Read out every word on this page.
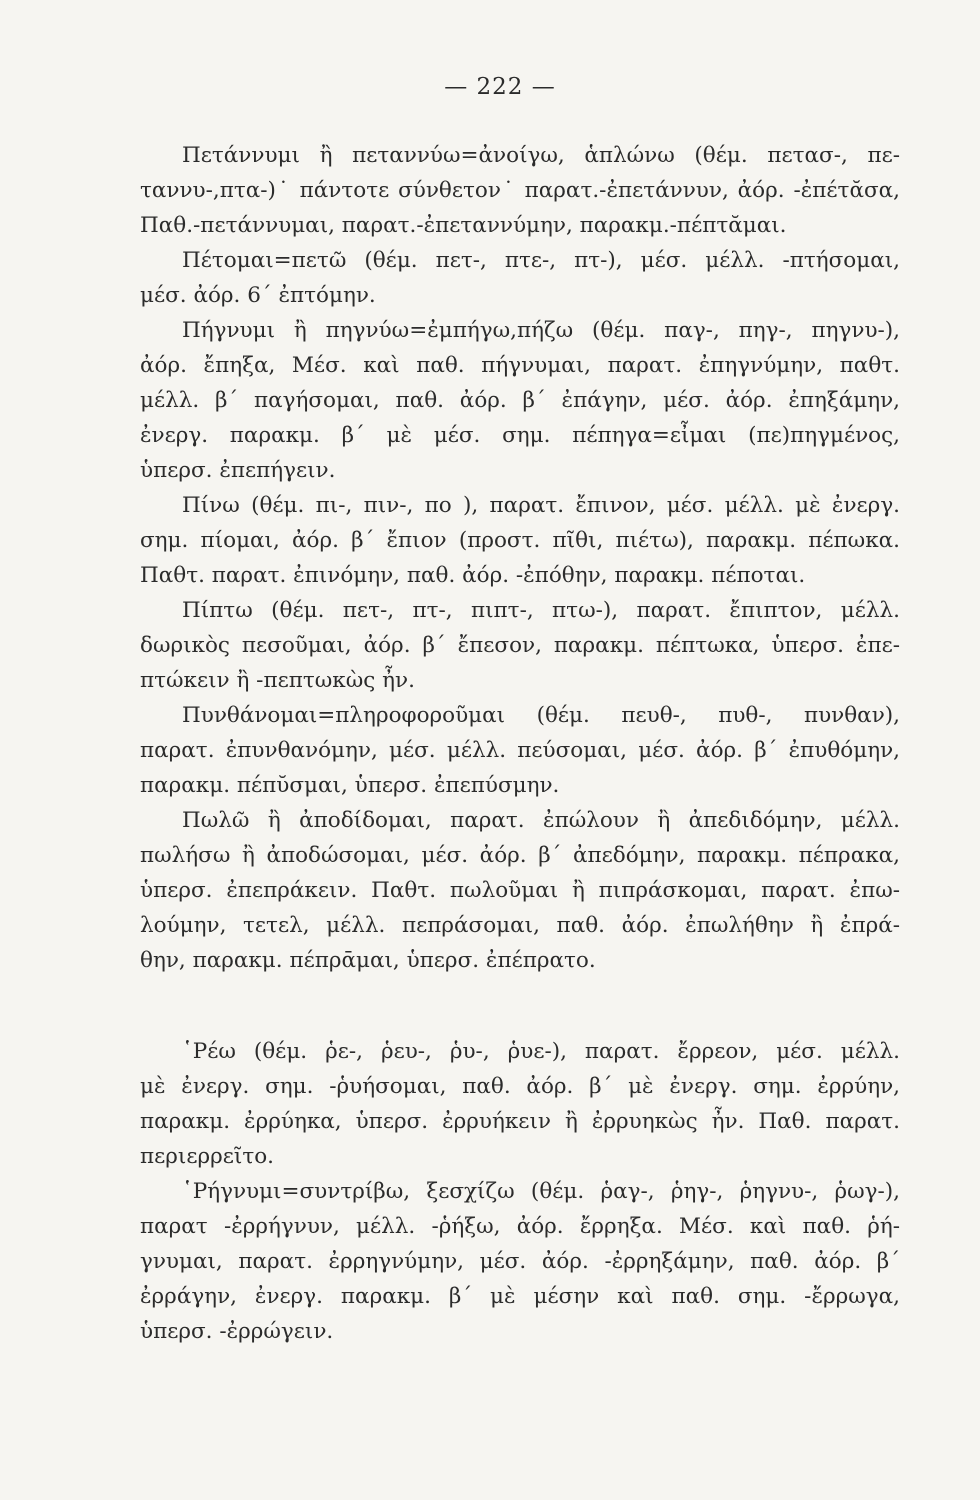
— 222 —
Πετάννυμι ἢ πεταννύω=ἀνοίγω, ἁπλώνω (θέμ. πετασ-, πε-
ταννυ-,πτα-)˙ πάντοτε σύνθετον˙ παρατ.-ἐπετάννυν, ἀόρ. -ἐπέτᾰσα,
Παθ.-πετάννυμαι, παρατ.-ἐπεταννύμην, παρακμ.-πέπτᾰμαι.
Πέτομαι=πετῶ (θέμ. πετ-, πτε-, πτ-), μέσ. μέλλ. -πτήσομαι,
μέσ. ἀόρ. 6΄ ἐπτόμην.
Πήγνυμι ἢ πηγνύω=ἐμπήγω,πήζω (θέμ. παγ-, πηγ-, πηγνυ-),
ἀόρ. ἔπηξα, Μέσ. καὶ παθ. πήγνυμαι, παρατ. ἐπηγνύμην, παθτ.
μέλλ. β΄ παγήσομαι, παθ. ἀόρ. β΄ ἐπάγην, μέσ. ἀόρ. ἐπηξάμην,
ἐνεργ. παρακμ. β΄ μὲ μέσ. σημ. πέπηγα=εἶμαι (πε)πηγμένος,
ὑπερσ. ἐπεπήγειν.
Πίνω (θέμ. πι-, πιν-, πο ), παρατ. ἔπινον, μέσ. μέλλ. μὲ ἐνεργ.
σημ. πίομαι, ἀόρ. β΄ ἔπιον (προστ. πῖθι, πιέτω), παρακμ. πέπωκα.
Παθτ. παρατ. ἐπινόμην, παθ. ἀόρ. -ἐπόθην, παρακμ. πέποται.
Πίπτω (θέμ. πετ-, πτ-, πιπτ-, πτω-), παρατ. ἔπιπτον, μέλλ.
δωρικὸς πεσοῦμαι, ἀόρ. β΄ ἔπεσον, παρακμ. πέπτωκα, ὑπερσ. ἐπε-
πτώκειν ἢ -πεπτωκὼς ἦν.
Πυνθάνομαι=πληροφοροῦμαι (θέμ. πευθ-, πυθ-, πυνθαν),
παρατ. ἐπυνθανόμην, μέσ. μέλλ. πεύσομαι, μέσ. ἀόρ. β΄ ἐπυθόμην,
παρακμ. πέπῠσμαι, ὑπερσ. ἐπεπύσμην.
Πωλῶ ἢ ἀποδίδομαι, παρατ. ἐπώλουν ἢ ἀπεδιδόμην, μέλλ.
πωλήσω ἢ ἀποδώσομαι, μέσ. ἀόρ. β΄ ἀπεδόμην, παρακμ. πέπρακα,
ὑπερσ. ἐπεπράκειν. Παθτ. πωλοῦμαι ἢ πιπράσκομαι, παρατ. ἐπω-
λούμην, τετελ, μέλλ. πεπράσομαι, παθ. ἀόρ. ἐπωλήθην ἢ ἐπρά-
θην, παρακμ. πέπρᾱμαι, ὑπερσ. ἐπέπρατο.
῾Ρέω (θέμ. ῥε-, ῥευ-, ῥυ-, ῥυε-), παρατ. ἔρρεον, μέσ. μέλλ.
μὲ ἐνεργ. σημ. -ῥυήσομαι, παθ. ἀόρ. β΄ μὲ ἐνεργ. σημ. ἐρρύην,
παρακμ. ἐρρύηκα, ὑπερσ. ἐρρυήκειν ἢ ἐρρυηκὼς ἦν. Παθ. παρατ.
περιερρεῖτο.
῾Ρήγνυμι=συντρίβω, ξεσχίζω (θέμ. ῥαγ-, ῥηγ-, ῥηγνυ-, ῥωγ-),
παρατ -ἐρρήγνυν, μέλλ. -ῥήξω, ἀόρ. ἔρρηξα. Μέσ. καὶ παθ. ῥή-
γνυμαι, παρατ. ἐρρηγνύμην, μέσ. ἀόρ. -ἐρρηξάμην, παθ. ἀόρ. β΄
ἐρράγην, ἐνεργ. παρακμ. β΄ μὲ μέσην καὶ παθ. σημ. -ἔρρωγα,
ὑπερσ. -ἐρρώγειν.
